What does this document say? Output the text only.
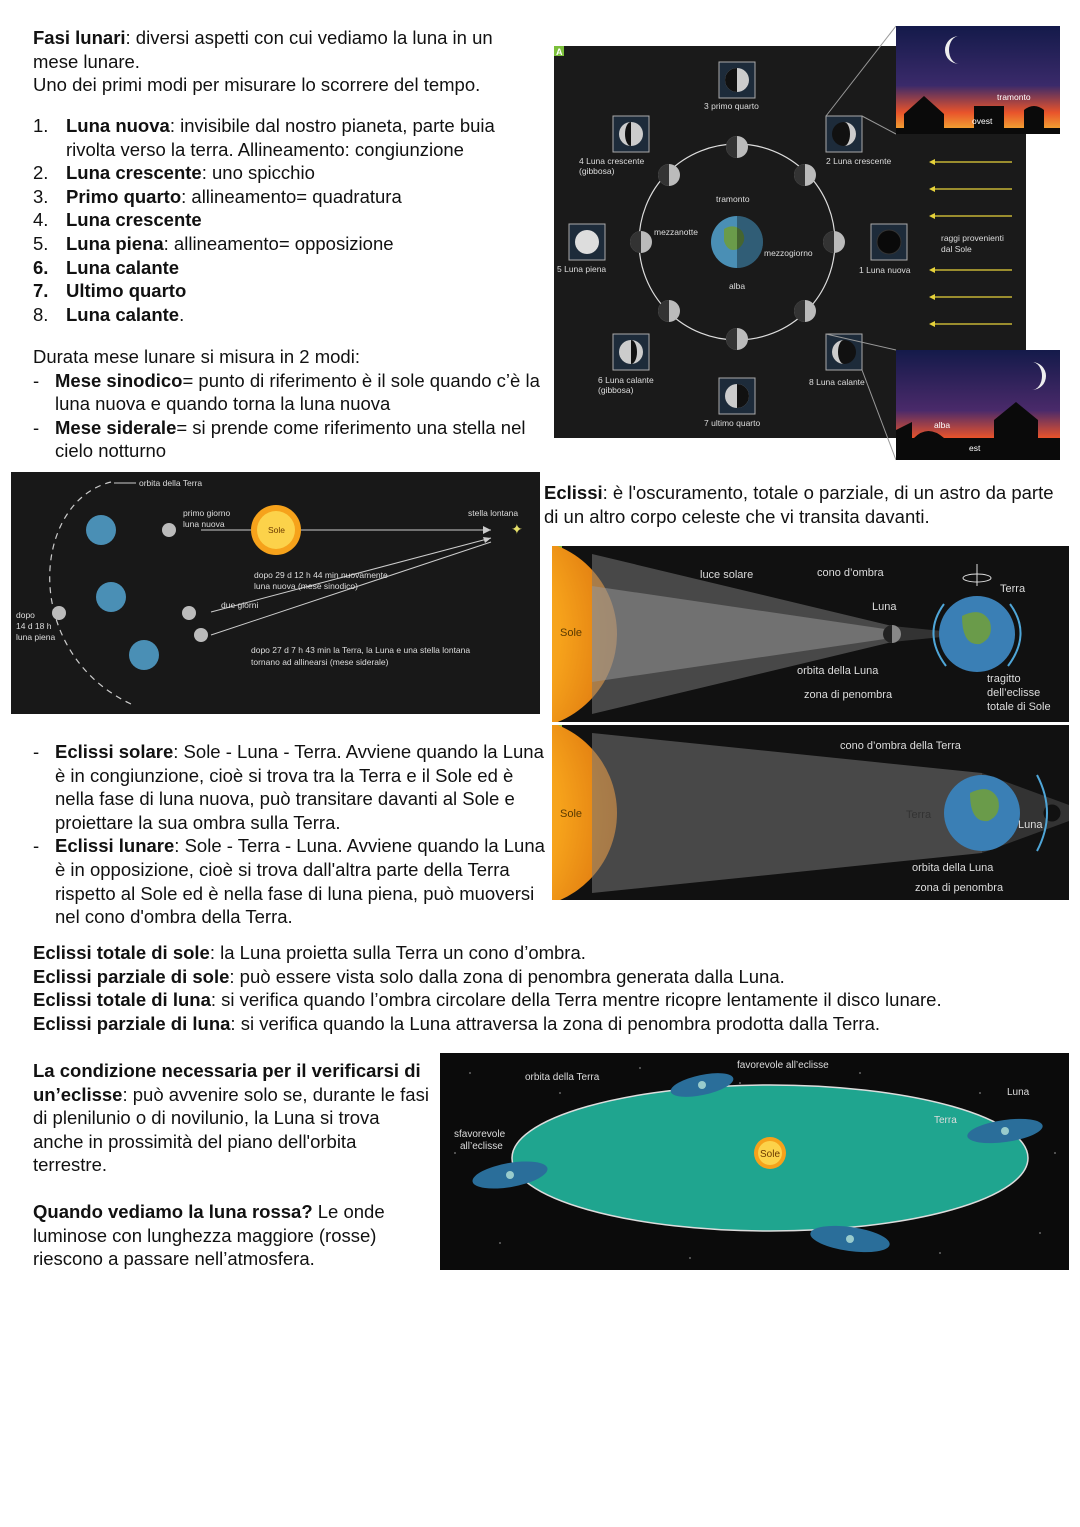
Fasi lunari: diversi aspetti con cui vediamo la luna in un mese lunare.
Uno dei primi modi per misurare lo scorrere del tempo.
1. Luna nuova: invisibile dal nostro pianeta, parte buia rivolta verso la terra. Allineamento: congiunzione
2. Luna crescente: uno spicchio
3. Primo quarto: allineamento= quadratura
4. Luna crescente
5. Luna piena: allineamento= opposizione
6. Luna calante
7. Ultimo quarto
8. Luna calante.
Durata mese lunare si misura in 2 modi:
- Mese sinodico= punto di riferimento è il sole quando c’è la luna nuova e quando torna la luna nuova
- Mese siderale= si prende come riferimento una stella nel cielo notturno
A
3 primo quarto
4 Luna crescente
(gibbosa)
2 Luna crescente
5 Luna piena	1 Luna nuova
6 Luna calante
(gibbosa)
8 Luna calante
7 ultimo quarto
tramonto
mezzanotte
mezzogiorno
alba
raggi provenienti
dal Sole
tramonto
ovest
alba
est
✦
orbita della Terra
primo giorno
luna nuova
Sole
stella lontana
dopo 29 d 12 h 44 min nuovamente
luna nuova (mese sinodico)
due giorni
dopo
14 d 18 h
luna piena
dopo 27 d 7 h 43 min la Terra, la Luna e una stella lontana
tornano ad allinearsi (mese siderale)
Eclissi: è l'oscuramento, totale o parziale, di un astro da parte di un altro corpo celeste che vi transita davanti.
Sole
luce solare	cono d’ombra
Terra
Luna
orbita della Luna
zona di penombra
tragitto
dell’eclisse
totale di Sole
Sole
cono d’ombra della Terra
Terra
Luna
orbita della Luna
zona di penombra
- Eclissi solare: Sole - Luna - Terra. Avviene quando la Luna è in congiunzione, cioè si trova tra la Terra e il Sole ed è nella fase di luna nuova, può transitare davanti al Sole e proiettare la sua ombra sulla Terra.
- Eclissi lunare: Sole - Terra - Luna. Avviene quando la Luna è in opposizione, cioè si trova dall'altra parte della Terra rispetto al Sole ed è nella fase di luna piena, può muoversi nel cono d'ombra della Terra.
Eclissi totale di sole: la Luna proietta sulla Terra un cono d’ombra.
Eclissi parziale di sole: può essere vista solo dalla zona di penombra generata dalla Luna.
Eclissi totale di luna: si verifica quando l’ombra circolare della Terra mentre ricopre lentamente il disco lunare.
Eclissi parziale di luna: si verifica quando la Luna attraversa la zona di penombra prodotta dalla Terra.
La condizione necessaria per il verificarsi di un’eclisse: può avvenire solo se, durante le fasi di plenilunio o di novilunio, la Luna si trova anche in prossimità del piano dell'orbita terrestre.
Quando vediamo la luna rossa? Le onde luminose con lunghezza maggiore (rosse) riescono a passare nell’atmosfera.
favorevole all’eclisse
orbita della Terra
Luna
Terra
sfavorevole
all’eclisse
Sole
